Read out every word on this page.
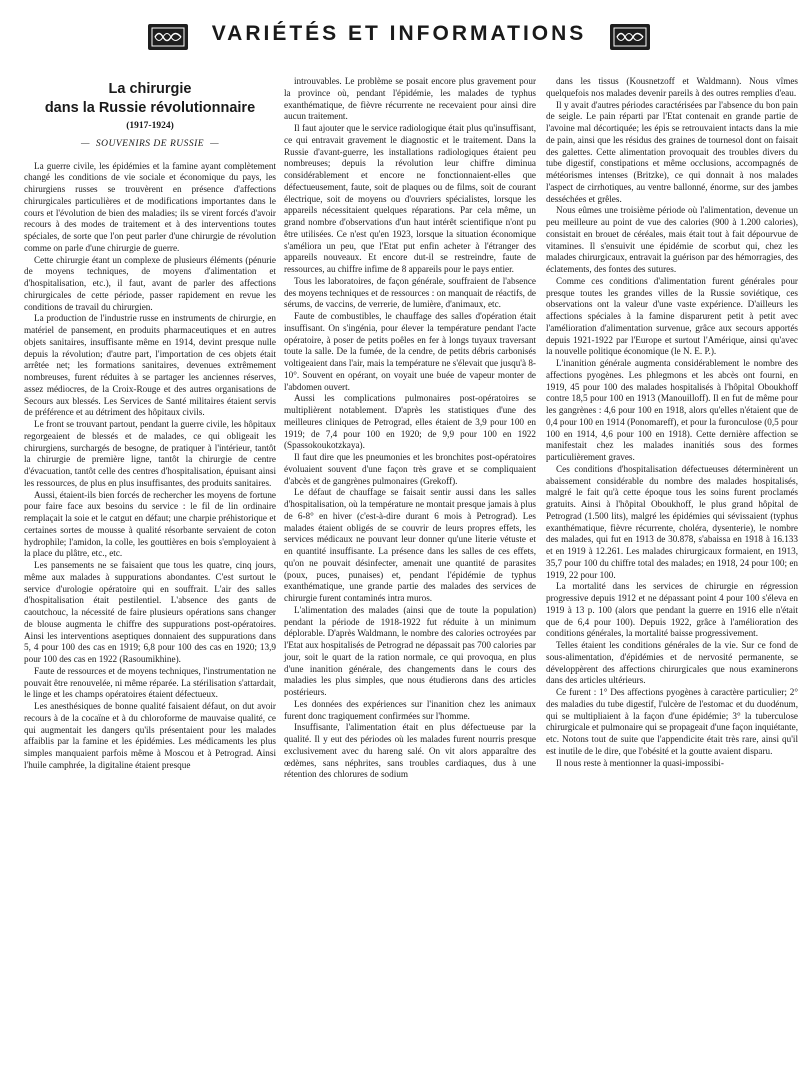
VARIÉTÉS ET INFORMATIONS
La chirurgie
dans la Russie révolutionnaire
(1917-1924)
— SOUVENIRS DE RUSSIE —

La guerre civile, les épidémies et la famine ayant complètement changé les conditions de vie sociale et économique du pays, les chirurgiens russes se trouvèrent en présence d'affections chirurgicales particulières et de modifications importantes dans le cours et l'évolution de bien des maladies; ils se virent forcés d'avoir recours à des modes de traitement et à des interventions toutes spéciales, de sorte que l'on peut parler d'une chirurgie de révolution comme on parle d'une chirurgie de guerre.

Cette chirurgie étant un complexe de plusieurs éléments (pénurie de moyens techniques, de moyens d'alimentation et d'hospitalisation, etc.), il faut, avant de parler des affections chirurgicales de cette période, passer rapidement en revue les conditions de travail du chirurgien.

La production de l'industrie russe en instruments de chirurgie, en matériel de pansement, en produits pharmaceutiques et en autres objets sanitaires, insuffisante même en 1914, devint presque nulle depuis la révolution; d'autre part, l'importation de ces objets était arrêtée net; les formations sanitaires, devenues extrêmement nombreuses, furent réduites à se partager les anciennes réserves, assez médiocres, de la Croix-Rouge et des autres organisations de Secours aux blessés. Les Services de Santé militaires étaient servis de préférence et au détriment des hôpitaux civils.

Le front se trouvant partout, pendant la guerre civile, les hôpitaux regorgeaient de blessés et de malades, ce qui obligeait les chirurgiens, surchargés de besogne, de pratiquer à l'intérieur, tantôt la chirurgie de première ligne, tantôt la chirurgie de centre d'évacuation, tantôt celle des centres d'hospitalisation, épuisant ainsi les ressources, de plus en plus insuffisantes, des produits sanitaires.

Aussi, étaient-ils bien forcés de rechercher les moyens de fortune pour faire face aux besoins du service : le fil de lin ordinaire remplaçait la soie et le catgut en défaut; une charpie préhistorique et certaines sortes de mousse à qualité résorbante servaient de coton hydrophile; l'amidon, la colle, les gouttières en bois s'employaient à la place du plâtre, etc., etc.

Les pansements ne se faisaient que tous les quatre, cinq jours, même aux malades à suppurations abondantes. C'est surtout le service d'urologie opératoire qui en souffrait. L'air des salles d'hospitalisation était pestilentiel. L'absence des gants de caoutchouc, la nécessité de faire plusieurs opérations sans changer de blouse augmenta le chiffre des suppurations post-opératoires. Ainsi les interventions aseptiques donnaient des suppurations dans 5, 4 pour 100 des cas en 1919; 6,8 pour 100 des cas en 1920; 13,9 pour 100 des cas en 1922 (Rasoumikhine).

Faute de ressources et de moyens techniques, l'instrumentation ne pouvait être renouvelée, ni même réparée. La stérilisation s'attardait, le linge et les champs opératoires étaient défectueux.

Les anesthésiques de bonne qualité faisaient défaut, on dut avoir recours à de la cocaïne et à du chloroforme de mauvaise qualité, ce qui augmentait les dangers qu'ils présentaient pour les malades affaiblis par la famine et les épidémies. Les médicaments les plus simples manquaient parfois même à Moscou et à Petrograd. Ainsi l'huile camphrée, la digitaline étaient presque

introuvables. Le problème se posait encore plus gravement pour la province où, pendant l'épidémie, les malades de typhus exanthématique, de fièvre récurrente ne recevaient pour ainsi dire aucun traitement.

Il faut ajouter que le service radiologique était plus qu'insuffisant, ce qui entravait gravement le diagnostic et le traitement. Dans la Russie d'avant-guerre, les installations radiologiques étaient peu nombreuses; depuis la révolution leur chiffre diminua considérablement et encore ne fonctionnaient-elles que défectueusement, faute, soit de plaques ou de films, soit de courant électrique, soit de moyens ou d'ouvriers spécialistes, lorsque les appareils nécessitaient quelques réparations. Par cela même, un grand nombre d'observations d'un haut intérêt scientifique n'ont pu être utilisées. Ce n'est qu'en 1923, lorsque la situation économique s'améliora un peu, que l'Etat put enfin acheter à l'étranger des appareils nouveaux. Et encore dut-il se restreindre, faute de ressources, au chiffre infime de 8 appareils pour le pays entier.

Tous les laboratoires, de façon générale, souffraient de l'absence des moyens techniques et de ressources : on manquait de réactifs, de sérums, de vaccins, de verrerie, de lumière, d'animaux, etc.

Faute de combustibles, le chauffage des salles d'opération était insuffisant. On s'ingénia, pour élever la température pendant l'acte opératoire, à poser de petits poêles en fer à longs tuyaux traversant toute la salle. De la fumée, de la cendre, de petits débris carbonisés voltigeaient dans l'air, mais la température ne s'élevait que jusqu'à 8-10°. Souvent en opérant, on voyait une buée de vapeur monter de l'abdomen ouvert.

Aussi les complications pulmonaires post-opératoires se multiplièrent notablement. D'après les statistiques d'une des meilleures cliniques de Petrograd, elles étaient de 3,9 pour 100 en 1919; de 7,4 pour 100 en 1920; de 9,9 pour 100 en 1922 (Spassokoukotzkaya).

Il faut dire que les pneumonies et les bronchites post-opératoires évoluaient souvent d'une façon très grave et se compliquaient d'abcès et de gangrènes pulmonaires (Grekoff).

Le défaut de chauffage se faisait sentir aussi dans les salles d'hospitalisation, où la température ne montait presque jamais à plus de 6-8° en hiver (c'est-à-dire durant 6 mois à Petrograd). Les malades étaient obligés de se couvrir de leurs propres effets, les services médicaux ne pouvant leur donner qu'une literie vétuste et en quantité insuffisante. La présence dans les salles de ces effets, qu'on ne pouvait désinfecter, amenait une quantité de parasites (poux, puces, punaises) et, pendant l'épidémie de typhus exanthématique, une grande partie des malades des services de chirurgie furent contaminés intra muros.

L'alimentation des malades (ainsi que de toute la population) pendant la période de 1918-1922 fut réduite à un minimum déplorable. D'après Waldmann, le nombre des calories octroyées par l'Etat aux hospitalisés de Petrograd ne dépassait pas 700 calories par jour, soit le quart de la ration normale, ce qui provoqua, en plus d'une inanition générale, des changements dans le cours des maladies les plus simples, que nous étudierons dans des articles postérieurs.

Les données des expériences sur l'inanition chez les animaux furent donc tragiquement confirmées sur l'homme.

Insuffisante, l'alimentation était en plus défectueuse par la qualité. Il y eut des périodes où les malades furent nourris presque exclusivement avec du hareng salé. On vit alors apparaître des œdèmes, sans néphrites, sans troubles cardiaques, dus à une rétention des chlorures de sodium

dans les tissus (Kousnetzoff et Waldmann). Nous vîmes quelquefois nos malades devenir pareils à des outres remplies d'eau.

Il y avait d'autres périodes caractérisées par l'absence du bon pain de seigle. Le pain réparti par l'Etat contenait en grande partie de l'avoine mal décortiquée; les épis se retrouvaient intacts dans la mie de pain, ainsi que les résidus des graines de tournesol dont on faisait des galettes. Cette alimentation provoquait des troubles divers du tube digestif, constipations et même occlusions, accompagnés de météorismes intenses (Britzke), ce qui donnait à nos malades l'aspect de cirrhotiques, au ventre ballonné, énorme, sur des jambes desséchées et grêles.

Nous eûmes une troisième période où l'alimentation, devenue un peu meilleure au point de vue des calories (900 à 1.200 calories), consistait en brouet de céréales, mais était tout à fait dépourvue de vitamines. Il s'ensuivit une épidémie de scorbut qui, chez les malades chirurgicaux, entravait la guérison par des hémorragies, des éclatements, des fontes des sutures.

Comme ces conditions d'alimentation furent générales pour presque toutes les grandes villes de la Russie soviétique, ces observations ont la valeur d'une vaste expérience. D'ailleurs les affections spéciales à la famine disparurent petit à petit avec l'amélioration d'alimentation survenue, grâce aux secours apportés depuis 1921-1922 par l'Europe et surtout l'Amérique, ainsi qu'avec la nouvelle politique économique (le N. E. P.).

L'inanition générale augmenta considérablement le nombre des affections pyogènes. Les phlegmons et les abcès ont fourni, en 1919, 45 pour 100 des malades hospitalisés à l'hôpital Oboukhoff contre 18,5 pour 100 en 1913 (Manouilloff). Il en fut de même pour les gangrènes : 4,6 pour 100 en 1918, alors qu'elles n'étaient que de 0,4 pour 100 en 1914 (Ponomareff), et pour la furonculose (0,5 pour 100 en 1914, 4,6 pour 100 en 1918). Cette dernière affection se manifestait chez les malades inanitiés sous des formes particulièrement graves.

Ces conditions d'hospitalisation défectueuses déterminèrent un abaissement considérable du nombre des malades hospitalisés, malgré le fait qu'à cette époque tous les soins furent proclamés gratuits. Ainsi à l'hôpital Oboukhoff, le plus grand hôpital de Petrograd (1.500 lits), malgré les épidémies qui sévissaient (typhus exanthématique, fièvre récurrente, choléra, dysenterie), le nombre des malades, qui fut en 1913 de 30.878, s'abaissa en 1918 à 16.133 et en 1919 à 12.261. Les malades chirurgicaux formaient, en 1913, 35,7 pour 100 du chiffre total des malades; en 1918, 24 pour 100; en 1919, 22 pour 100.

La mortalité dans les services de chirurgie en régression progressive depuis 1912 et ne dépassant point 4 pour 100 s'éleva en 1919 à 13 p. 100 (alors que pendant la guerre en 1916 elle n'était que de 6,4 pour 100). Depuis 1922, grâce à l'amélioration des conditions générales, la mortalité baisse progressivement.

Telles étaient les conditions générales de la vie. Sur ce fond de sous-alimentation, d'épidémies et de nervosité permanente, se développèrent des affections chirurgicales que nous examinerons dans des articles ultérieurs.

Ce furent : 1° Des affections pyogènes à caractère particulier; 2° des maladies du tube digestif, l'ulcère de l'estomac et du duodénum, qui se multipliaient à la façon d'une épidémie; 3° la tuberculose chirurgicale et pulmonaire qui se propageait d'une façon inquiétante, etc. Notons tout de suite que l'appendicite était très rare, ainsi qu'il est inutile de le dire, que l'obésité et la goutte avaient disparu.

Il nous reste à mentionner la quasi-impossibi-
